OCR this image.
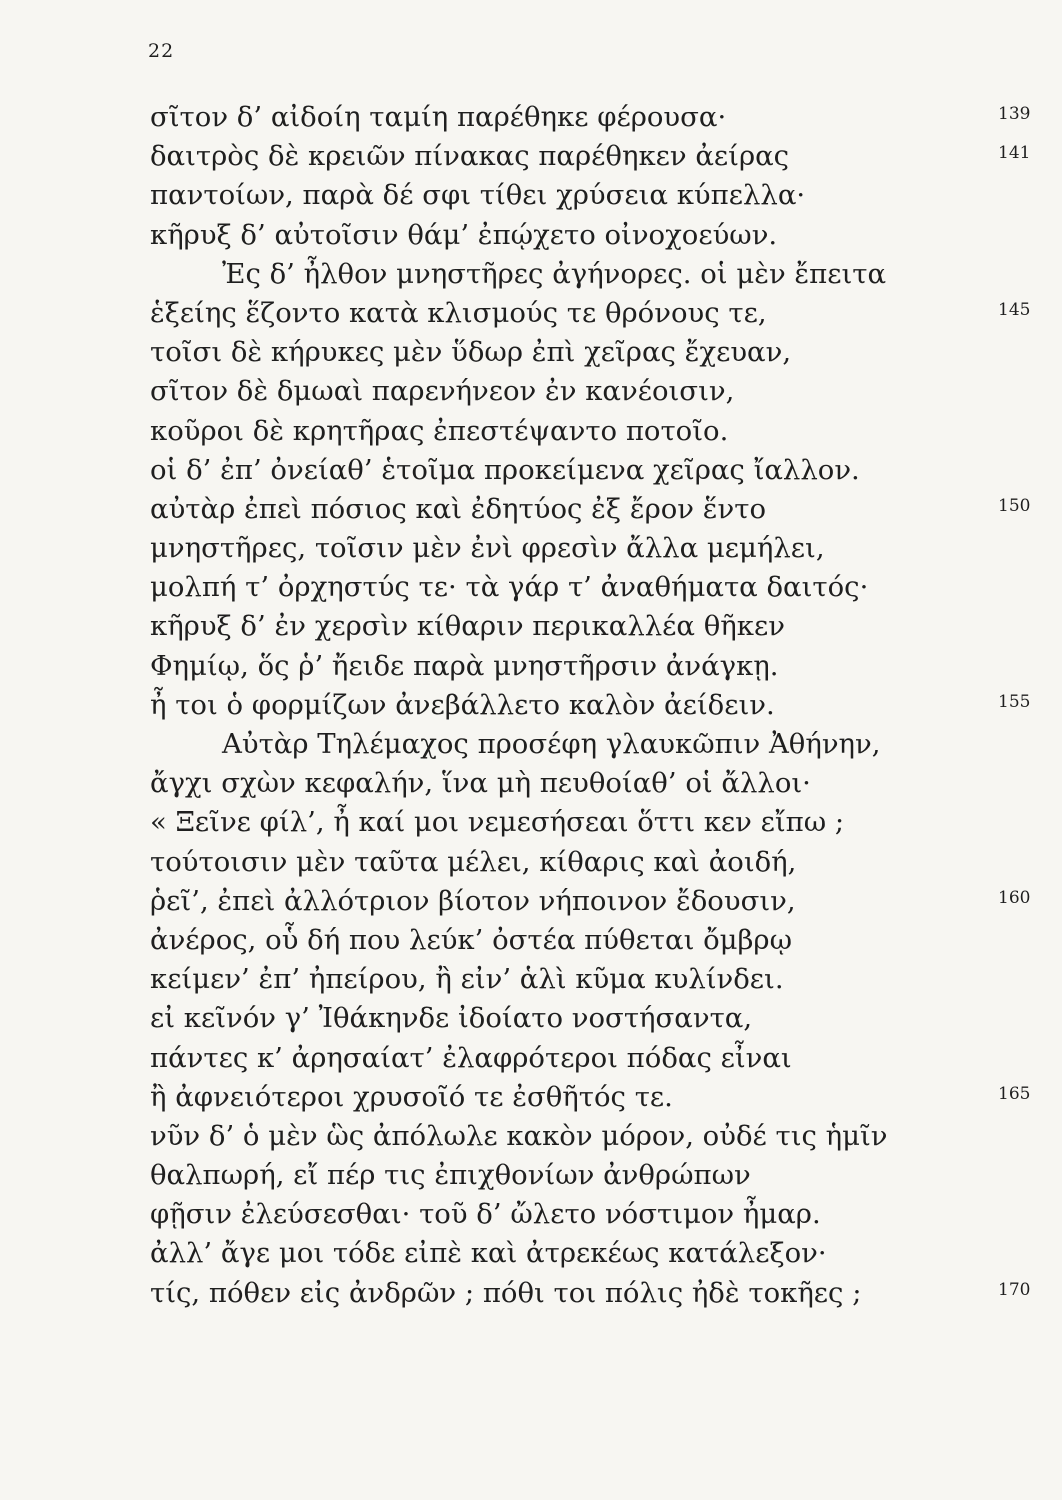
22
σῖτον δ’ αἰδοίη ταμίη παρέθηκε φέρουσα·	139
δαιτρὸς δὲ κρειῶν πίνακας παρέθηκεν ἀείρας	141
παντοίων, παρὰ δέ σφι τίθει χρύσεια κύπελλα·
κῆρυξ δ’ αὐτοῖσιν θάμ’ ἐπῴχετο οἰνοχοεύων.
Ἐς δ’ ἦλθον μνηστῆρες ἀγήνορες. οἱ μὲν ἔπειτα
ἑξείης ἕζοντο κατὰ κλισμούς τε θρόνους τε,	145
τοῖσι δὲ κήρυκες μὲν ὕδωρ ἐπὶ χεῖρας ἔχευαν,
σῖτον δὲ δμωαὶ παρενήνεον ἐν κανέοισιν,
κοῦροι δὲ κρητῆρας ἐπεστέψαντο ποτοῖο.
οἱ δ’ ἐπ’ ὀνείαθ’ ἑτοῖμα προκείμενα χεῖρας ἴαλλον.
αὐτὰρ ἐπεὶ πόσιος καὶ ἐδητύος ἐξ ἔρον ἕντο	150
μνηστῆρες, τοῖσιν μὲν ἐνὶ φρεσὶν ἄλλα μεμήλει,
μολπή τ’ ὀρχηστύς τε· τὰ γάρ τ’ ἀναθήματα δαιτός·
κῆρυξ δ’ ἐν χερσὶν κίθαριν περικαλλέα θῆκεν
Φημίῳ, ὅς ῥ’ ἤειδε παρὰ μνηστῆρσιν ἀνάγκῃ.
ἦ τοι ὁ φορμίζων ἀνεβάλλετο καλὸν ἀείδειν.	155
Αὐτὰρ Τηλέμαχος προσέφη γλαυκῶπιν Ἀθήνην,
ἄγχι σχὼν κεφαλήν, ἵνα μὴ πευθοίαθ’ οἱ ἄλλοι·
« Ξεῖνε φίλ’, ἦ καί μοι νεμεσήσεαι ὅττι κεν εἴπω ;
τούτοισιν μὲν ταῦτα μέλει, κίθαρις καὶ ἀοιδή,
ῥεῖ’, ἐπεὶ ἀλλότριον βίοτον νήποινον ἔδουσιν,	160
ἀνέρος, οὗ δή που λεύκ’ ὀστέα πύθεται ὄμβρῳ
κείμεν’ ἐπ’ ἠπείρου, ἢ εἰν’ ἁλὶ κῦμα κυλίνδει.
εἰ κεῖνόν γ’ Ἰθάκηνδε ἰδοίατο νοστήσαντα,
πάντες κ’ ἀρησαίατ’ ἐλαφρότεροι πόδας εἶναι
ἢ ἀφνειότεροι χρυσοῖό τε ἐσθῆτός τε.	165
νῦν δ’ ὁ μὲν ὣς ἀπόλωλε κακὸν μόρον, οὐδέ τις ἡμῖν
θαλπωρή, εἴ πέρ τις ἐπιχθονίων ἀνθρώπων
φῇσιν ἐλεύσεσθαι· τοῦ δ’ ὤλετο νόστιμον ἦμαρ.
ἀλλ’ ἄγε μοι τόδε εἰπὲ καὶ ἀτρεκέως κατάλεξον·
τίς, πόθεν εἰς ἀνδρῶν ; πόθι τοι πόλις ἠδὲ τοκῆες ;	170
